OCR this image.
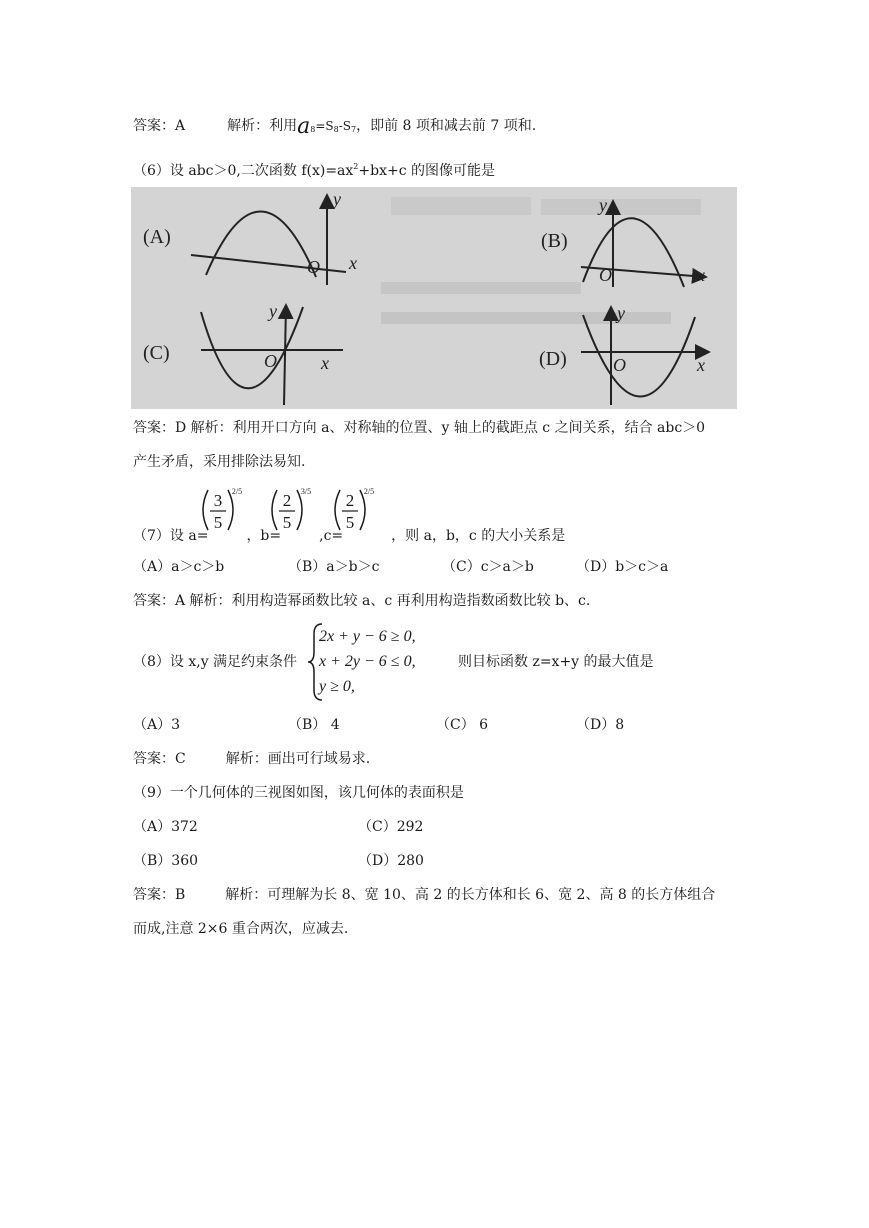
答案：A	解析：利用$a_8=S_8-S_7$，即前 8 项和减去前 7 项和.
（6）设 abc＞0,二次函数 $f(x)=ax^2+bx+c$ 的图像可能是
(A)
y
x
O
(B)
y
x
O
(C)
y
x
O	(D)
y
x
O
答案：D 解析：利用开口方向 a、对称轴的位置、y 轴上的截距点 c 之间关系，结合 abc＞0
产生矛盾，采用排除法易知.
（7）设 a=	，b=	,c=	，则 a，b，c 的大小关系是
3
5
2/5 2
5
3/5 2
5
2/5
（A）a＞c＞b	（B）a＞b＞c	（C）c＞a＞b	（D）b＞c＞a
答案：A 解析：利用构造幂函数比较 a、c 再利用构造指数函数比较 b、c.
（8）设 x,y 满足约束条件
2x + y − 6 ≥ 0,
x + 2y − 6 ≤ 0,
y ≥ 0,
则目标函数 z=x+y 的最大值是
（A）3	（B） 4	（C） 6	（D）8
答案：C	解析：画出可行域易求.
（9）一个几何体的三视图如图，该几何体的表面积是
（A）372	（C）292
（B）360	（D）280
答案：B	解析：可理解为长 8、宽 10、高 2 的长方体和长 6、宽 2、高 8 的长方体组合
而成,注意 2×6 重合两次，应减去.
